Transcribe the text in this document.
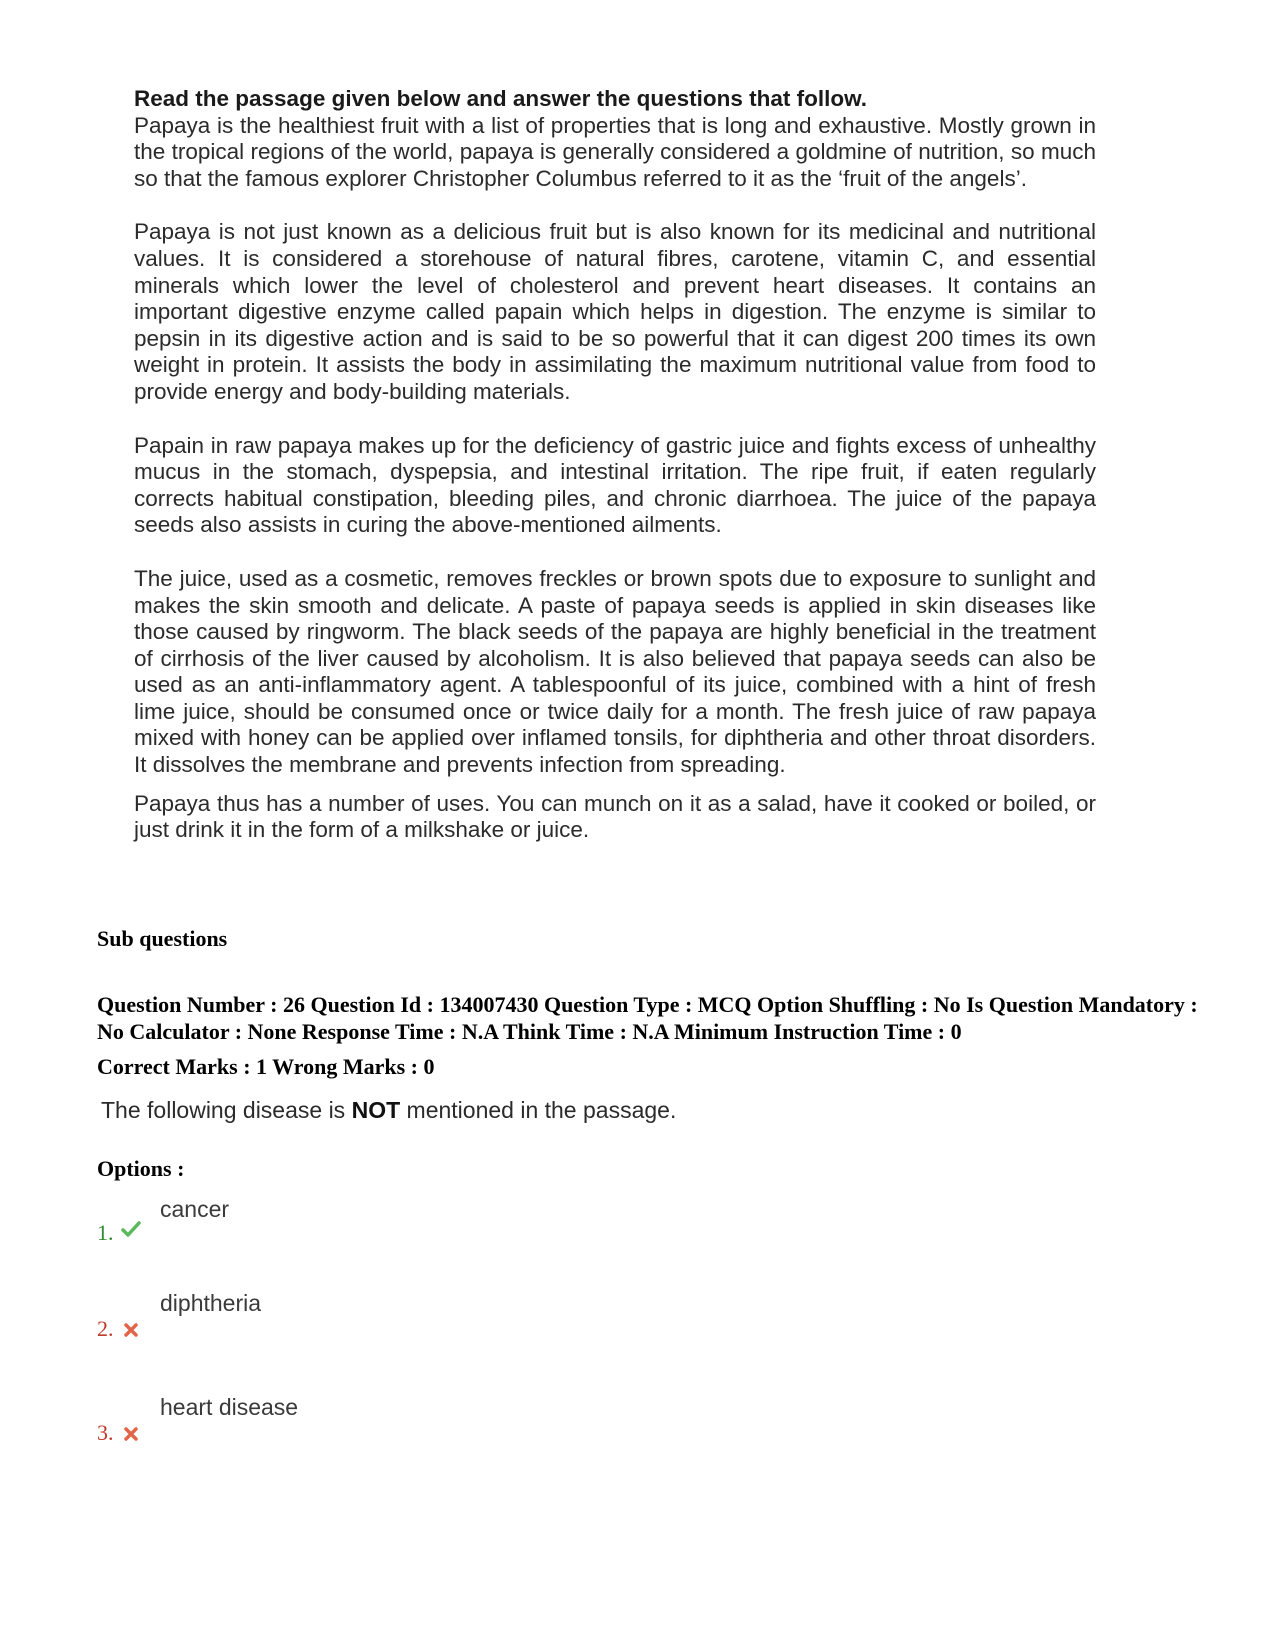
Read the passage given below and answer the questions that follow.

Papaya is the healthiest fruit with a list of properties that is long and exhaustive. Mostly grown in the tropical regions of the world, papaya is generally considered a goldmine of nutrition, so much so that the famous explorer Christopher Columbus referred to it as the ‘fruit of the angels’.

Papaya is not just known as a delicious fruit but is also known for its medicinal and nutritional values. It is considered a storehouse of natural fibres, carotene, vitamin C, and essential minerals which lower the level of cholesterol and prevent heart diseases. It contains an important digestive enzyme called papain which helps in digestion. The enzyme is similar to pepsin in its digestive action and is said to be so powerful that it can digest 200 times its own weight in protein. It assists the body in assimilating the maximum nutritional value from food to provide energy and body-building materials.

Papain in raw papaya makes up for the deficiency of gastric juice and fights excess of unhealthy mucus in the stomach, dyspepsia, and intestinal irritation. The ripe fruit, if eaten regularly corrects habitual constipation, bleeding piles, and chronic diarrhoea. The juice of the papaya seeds also assists in curing the above-mentioned ailments.

The juice, used as a cosmetic, removes freckles or brown spots due to exposure to sunlight and makes the skin smooth and delicate. A paste of papaya seeds is applied in skin diseases like those caused by ringworm. The black seeds of the papaya are highly beneficial in the treatment of cirrhosis of the liver caused by alcoholism. It is also believed that papaya seeds can also be used as an anti-inflammatory agent. A tablespoonful of its juice, combined with a hint of fresh lime juice, should be consumed once or twice daily for a month. The fresh juice of raw papaya mixed with honey can be applied over inflamed tonsils, for diphtheria and other throat disorders. It dissolves the membrane and prevents infection from spreading.

Papaya thus has a number of uses. You can munch on it as a salad, have it cooked or boiled, or just drink it in the form of a milkshake or juice.

Sub questions

Question Number : 26 Question Id : 134007430 Question Type : MCQ Option Shuffling : No Is Question Mandatory : No Calculator : None Response Time : N.A Think Time : N.A Minimum Instruction Time : 0

Correct Marks : 1 Wrong Marks : 0

The following disease is NOT mentioned in the passage.

Options :

cancer
1.
diphtheria
2.
heart disease
3.
